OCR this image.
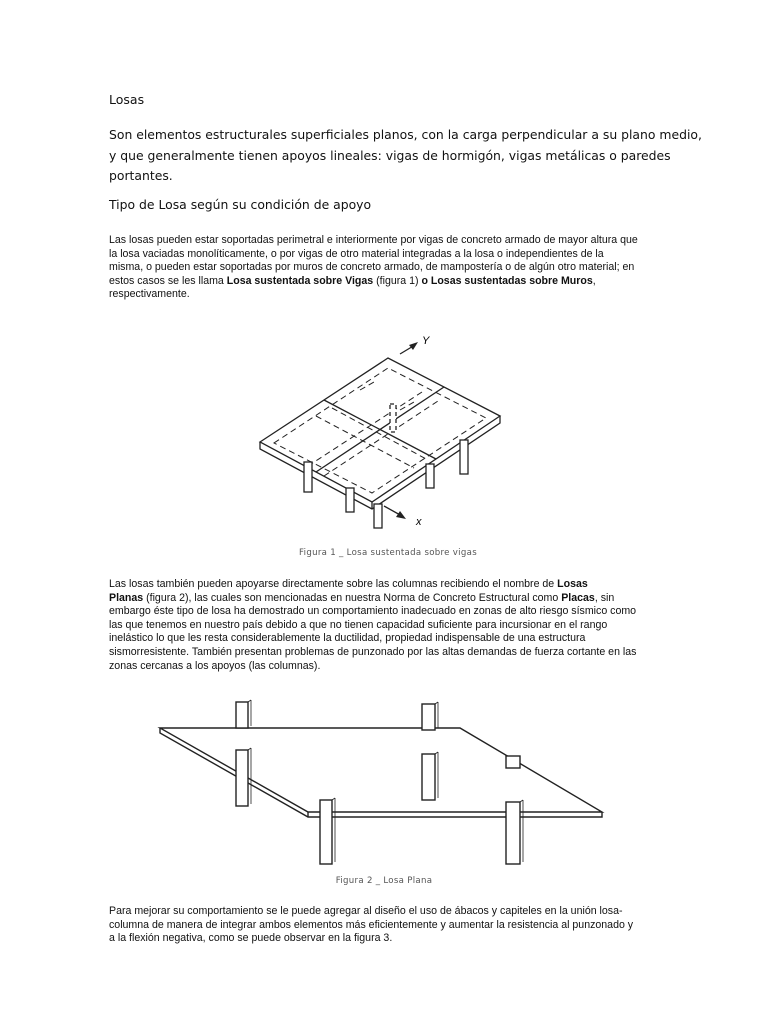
Losas
Son elementos estructurales superficiales planos, con la carga perpendicular a su plano medio,
y que generalmente tienen apoyos lineales: vigas de hormigón, vigas metálicas o paredes
portantes.
Tipo de Losa según su condición de apoyo
Las losas pueden estar soportadas perimetral e interiormente por vigas de concreto armado de mayor altura que
la losa vaciadas monolíticamente, o por vigas de otro material integradas a la losa o independientes de la
misma, o pueden estar soportadas por muros de concreto armado, de mampostería o de algún otro material; en
estos casos se les llama Losa sustentada sobre Vigas (figura 1) o Losas sustentadas sobre Muros,
respectivamente.
Y
x
Figura 1 _ Losa sustentada sobre vigas
Las losas también pueden apoyarse directamente sobre las columnas recibiendo el nombre de Losas
Planas (figura 2), las cuales son mencionadas en nuestra Norma de Concreto Estructural como Placas, sin
embargo éste tipo de losa ha demostrado un comportamiento inadecuado en zonas de alto riesgo sísmico como
las que tenemos en nuestro país debido a que no tienen capacidad suficiente para incursionar en el rango
inelástico lo que les resta considerablemente la ductilidad, propiedad indispensable de una estructura
sismorresistente. También presentan problemas de punzonado por las altas demandas de fuerza cortante en las
zonas cercanas a los apoyos (las columnas).
Figura 2 _ Losa Plana
Para mejorar su comportamiento se le puede agregar al diseño el uso de ábacos y capiteles en la unión losa-
columna de manera de integrar ambos elementos más eficientemente y aumentar la resistencia al punzonado y
a la flexión negativa, como se puede observar en la figura 3.
